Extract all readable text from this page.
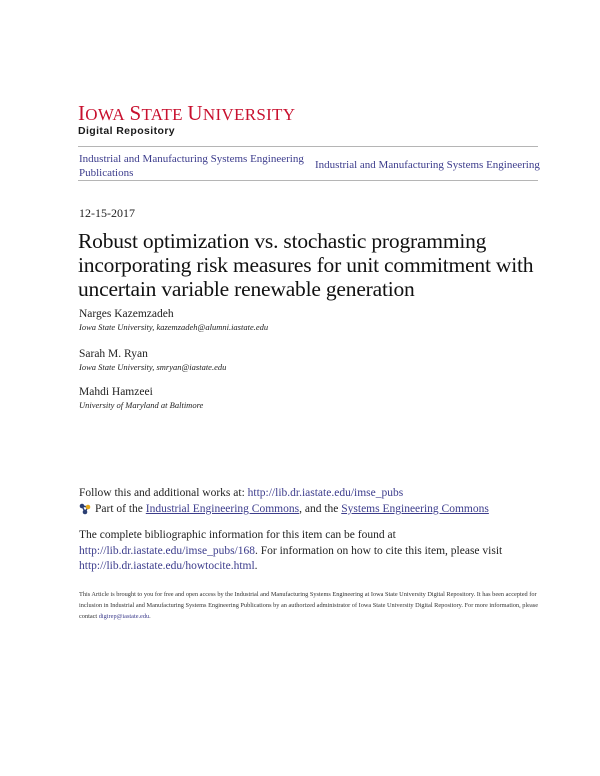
IOWA STATE UNIVERSITY
Digital Repository
Industrial and Manufacturing Systems Engineering Publications
Industrial and Manufacturing Systems Engineering
12-15-2017
Robust optimization vs. stochastic programming incorporating risk measures for unit commitment with uncertain variable renewable generation
Narges Kazemzadeh
Iowa State University, kazemzadeh@alumni.iastate.edu
Sarah M. Ryan
Iowa State University, smryan@iastate.edu
Mahdi Hamzeei
University of Maryland at Baltimore
Follow this and additional works at: http://lib.dr.iastate.edu/imse_pubs
Part of the
Industrial Engineering Commons , and the
Systems Engineering Commons
The complete bibliographic information for this item can be found at http://lib.dr.iastate.edu/imse_pubs/168. For information on how to cite this item, please visit http://lib.dr.iastate.edu/howtocite.html.
This Article is brought to you for free and open access by the Industrial and Manufacturing Systems Engineering at Iowa State University Digital Repository. It has been accepted for inclusion in Industrial and Manufacturing Systems Engineering Publications by an authorized administrator of Iowa State University Digital Repository. For more information, please contact digirep@iastate.edu.
